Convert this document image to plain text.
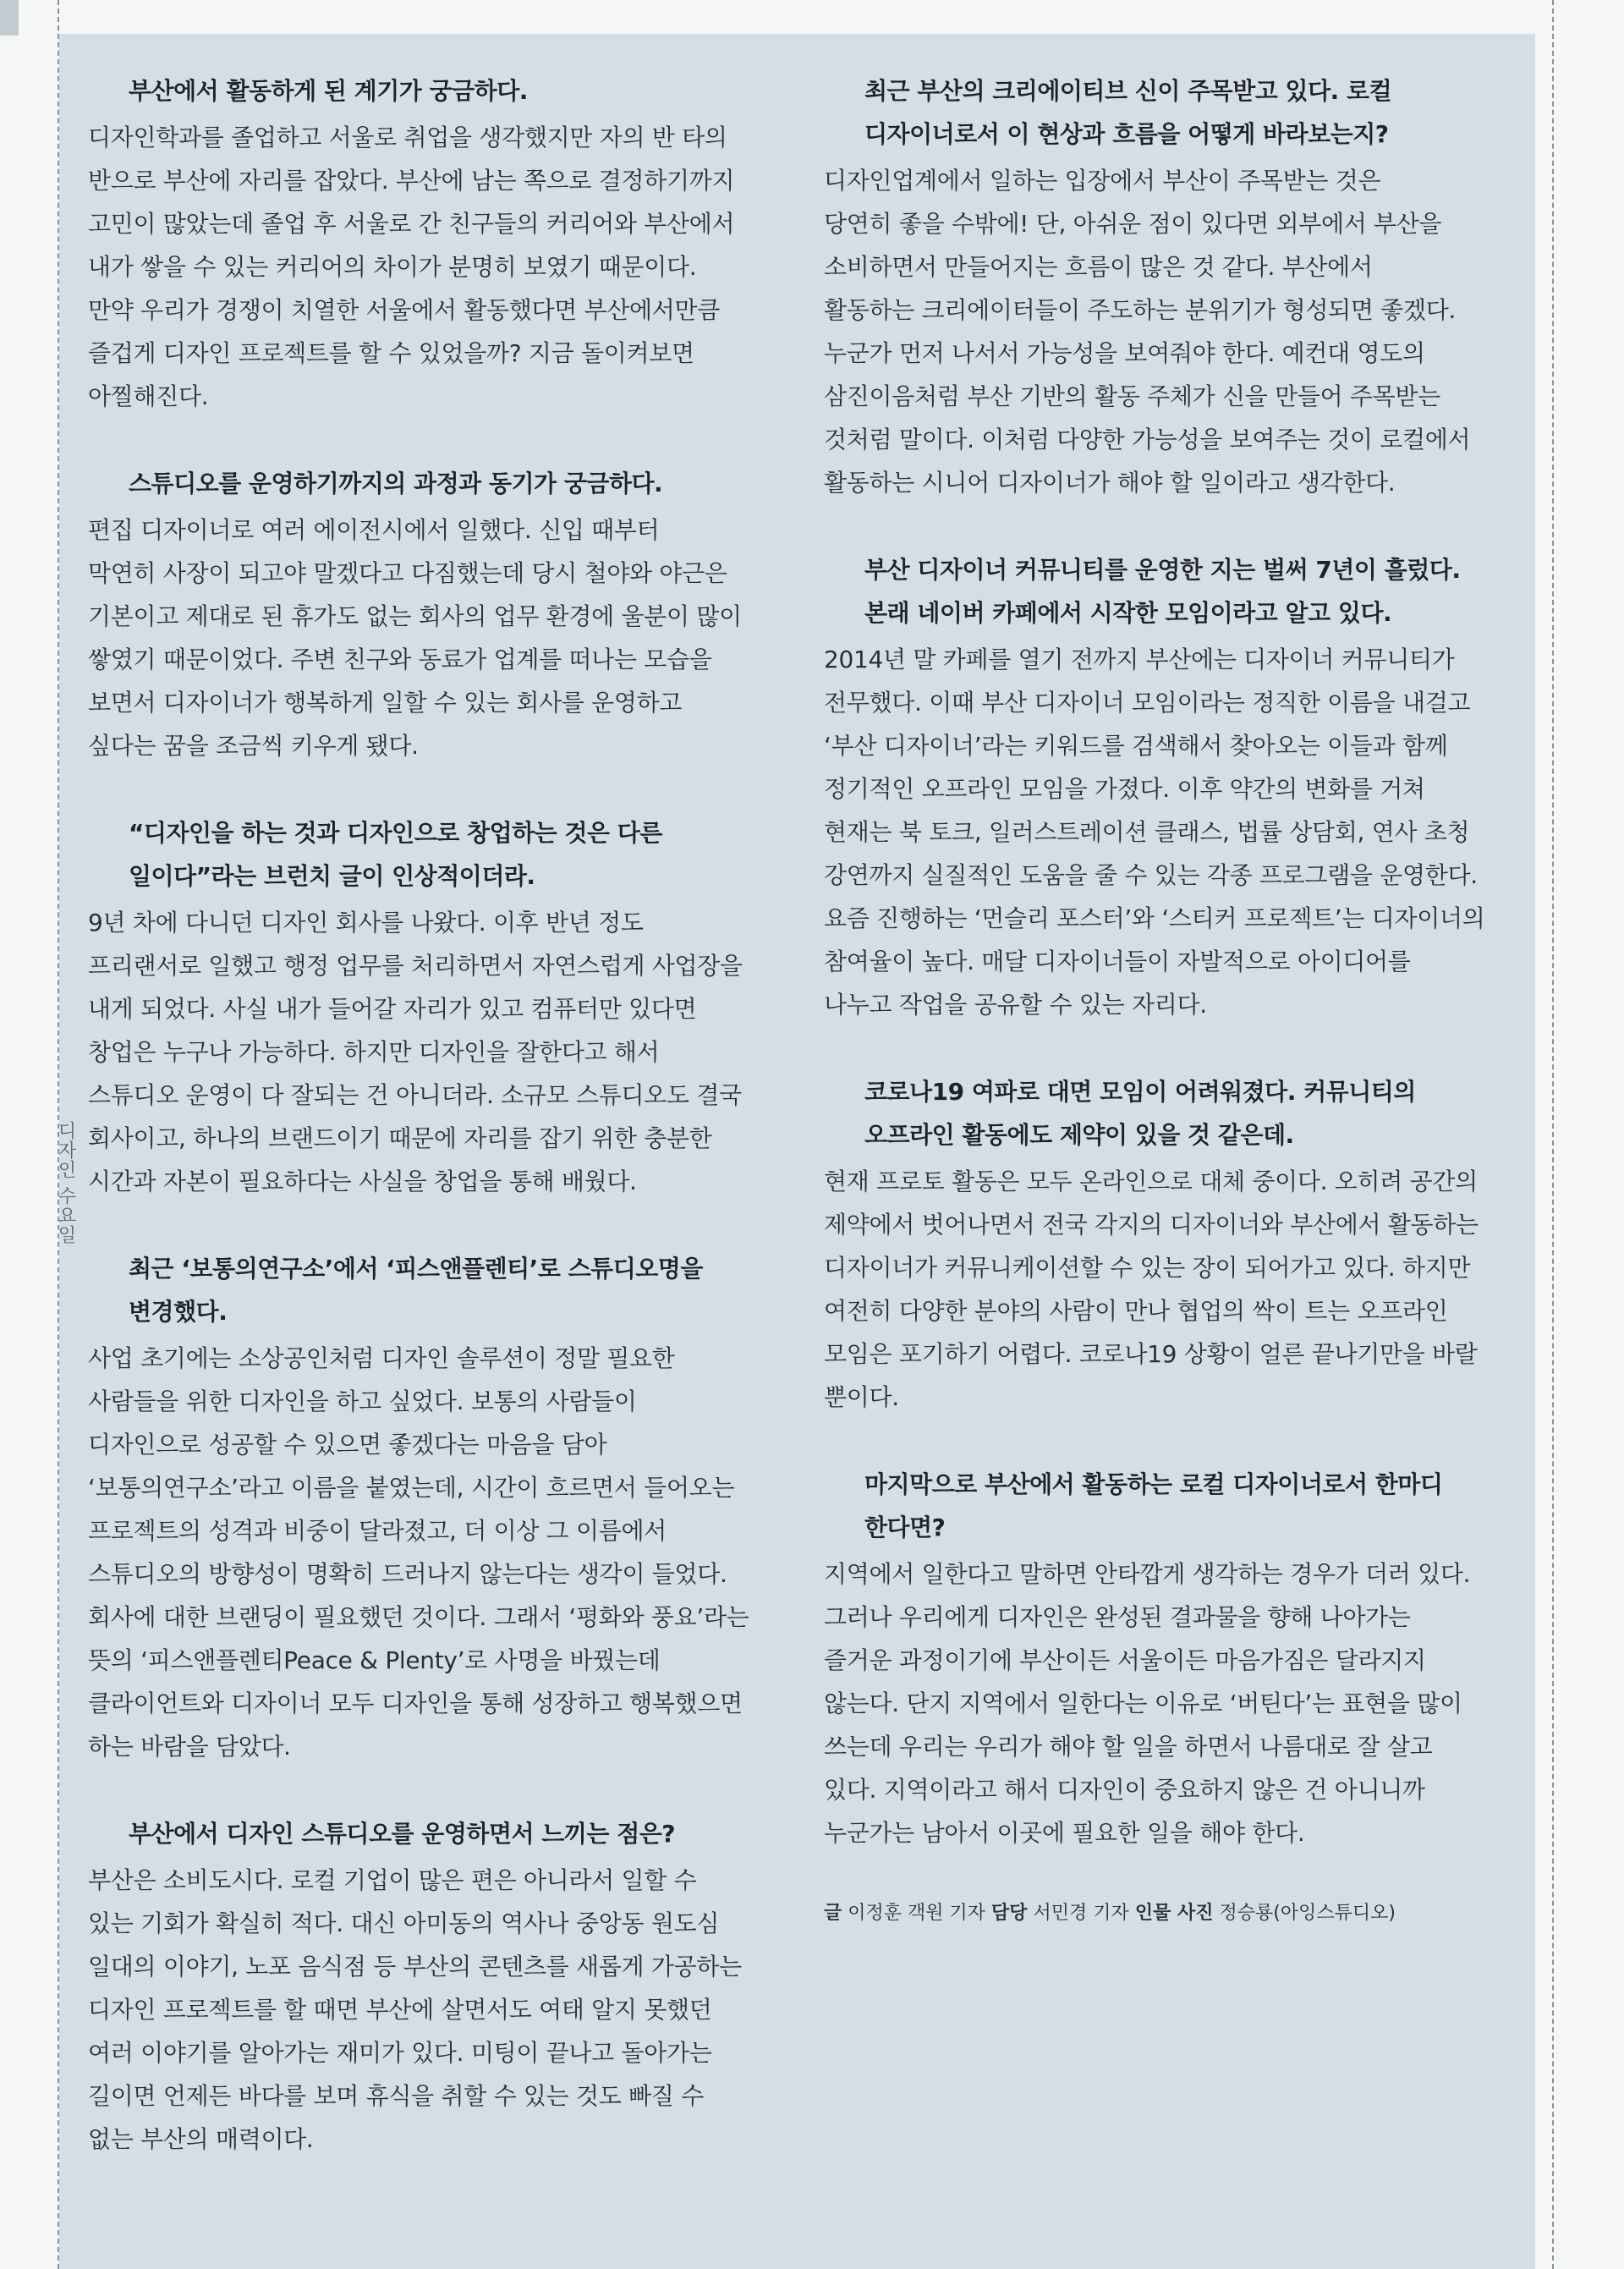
디자인 수요일
부산에서 활동하게 된 계기가 궁금하다.

디자인학과를 졸업하고 서울로 취업을 생각했지만 자의 반 타의
반으로 부산에 자리를 잡았다. 부산에 남는 쪽으로 결정하기까지
고민이 많았는데 졸업 후 서울로 간 친구들의 커리어와 부산에서
내가 쌓을 수 있는 커리어의 차이가 분명히 보였기 때문이다.
만약 우리가 경쟁이 치열한 서울에서 활동했다면 부산에서만큼
즐겁게 디자인 프로젝트를 할 수 있었을까? 지금 돌이켜보면
아찔해진다.

스튜디오를 운영하기까지의 과정과 동기가 궁금하다.

편집 디자이너로 여러 에이전시에서 일했다. 신입 때부터
막연히 사장이 되고야 말겠다고 다짐했는데 당시 철야와 야근은
기본이고 제대로 된 휴가도 없는 회사의 업무 환경에 울분이 많이
쌓였기 때문이었다. 주변 친구와 동료가 업계를 떠나는 모습을
보면서 디자이너가 행복하게 일할 수 있는 회사를 운영하고
싶다는 꿈을 조금씩 키우게 됐다.

“디자인을 하는 것과 디자인으로 창업하는 것은 다른
일이다”라는 브런치 글이 인상적이더라.

9년 차에 다니던 디자인 회사를 나왔다. 이후 반년 정도
프리랜서로 일했고 행정 업무를 처리하면서 자연스럽게 사업장을
내게 되었다. 사실 내가 들어갈 자리가 있고 컴퓨터만 있다면
창업은 누구나 가능하다. 하지만 디자인을 잘한다고 해서
스튜디오 운영이 다 잘되는 건 아니더라. 소규모 스튜디오도 결국
회사이고, 하나의 브랜드이기 때문에 자리를 잡기 위한 충분한
시간과 자본이 필요하다는 사실을 창업을 통해 배웠다.

최근 ‘보통의연구소’에서 ‘피스앤플렌티’로 스튜디오명을
변경했다.

사업 초기에는 소상공인처럼 디자인 솔루션이 정말 필요한
사람들을 위한 디자인을 하고 싶었다. 보통의 사람들이
디자인으로 성공할 수 있으면 좋겠다는 마음을 담아
‘보통의연구소’라고 이름을 붙였는데, 시간이 흐르면서 들어오는
프로젝트의 성격과 비중이 달라졌고, 더 이상 그 이름에서
스튜디오의 방향성이 명확히 드러나지 않는다는 생각이 들었다.
회사에 대한 브랜딩이 필요했던 것이다. 그래서 ‘평화와 풍요’라는
뜻의 ‘피스앤플렌티Peace & Plenty’로 사명을 바꿨는데
클라이언트와 디자이너 모두 디자인을 통해 성장하고 행복했으면
하는 바람을 담았다.

부산에서 디자인 스튜디오를 운영하면서 느끼는 점은?

부산은 소비도시다. 로컬 기업이 많은 편은 아니라서 일할 수
있는 기회가 확실히 적다. 대신 아미동의 역사나 중앙동 원도심
일대의 이야기, 노포 음식점 등 부산의 콘텐츠를 새롭게 가공하는
디자인 프로젝트를 할 때면 부산에 살면서도 여태 알지 못했던
여러 이야기를 알아가는 재미가 있다. 미팅이 끝나고 돌아가는
길이면 언제든 바다를 보며 휴식을 취할 수 있는 것도 빠질 수
없는 부산의 매력이다.

최근 부산의 크리에이티브 신이 주목받고 있다. 로컬
디자이너로서 이 현상과 흐름을 어떻게 바라보는지?

디자인업계에서 일하는 입장에서 부산이 주목받는 것은
당연히 좋을 수밖에! 단, 아쉬운 점이 있다면 외부에서 부산을
소비하면서 만들어지는 흐름이 많은 것 같다. 부산에서
활동하는 크리에이터들이 주도하는 분위기가 형성되면 좋겠다.
누군가 먼저 나서서 가능성을 보여줘야 한다. 예컨대 영도의
삼진이음처럼 부산 기반의 활동 주체가 신을 만들어 주목받는
것처럼 말이다. 이처럼 다양한 가능성을 보여주는 것이 로컬에서
활동하는 시니어 디자이너가 해야 할 일이라고 생각한다.

부산 디자이너 커뮤니티를 운영한 지는 벌써 7년이 흘렀다.
본래 네이버 카페에서 시작한 모임이라고 알고 있다.

2014년 말 카페를 열기 전까지 부산에는 디자이너 커뮤니티가
전무했다. 이때 부산 디자이너 모임이라는 정직한 이름을 내걸고
‘부산 디자이너’라는 키워드를 검색해서 찾아오는 이들과 함께
정기적인 오프라인 모임을 가졌다. 이후 약간의 변화를 거쳐
현재는 북 토크, 일러스트레이션 클래스, 법률 상담회, 연사 초청
강연까지 실질적인 도움을 줄 수 있는 각종 프로그램을 운영한다.
요즘 진행하는 ‘먼슬리 포스터’와 ‘스티커 프로젝트’는 디자이너의
참여율이 높다. 매달 디자이너들이 자발적으로 아이디어를
나누고 작업을 공유할 수 있는 자리다.

코로나19 여파로 대면 모임이 어려워졌다. 커뮤니티의
오프라인 활동에도 제약이 있을 것 같은데.

현재 프로토 활동은 모두 온라인으로 대체 중이다. 오히려 공간의
제약에서 벗어나면서 전국 각지의 디자이너와 부산에서 활동하는
디자이너가 커뮤니케이션할 수 있는 장이 되어가고 있다. 하지만
여전히 다양한 분야의 사람이 만나 협업의 싹이 트는 오프라인
모임은 포기하기 어렵다. 코로나19 상황이 얼른 끝나기만을 바랄
뿐이다.

마지막으로 부산에서 활동하는 로컬 디자이너로서 한마디
한다면?

지역에서 일한다고 말하면 안타깝게 생각하는 경우가 더러 있다.
그러나 우리에게 디자인은 완성된 결과물을 향해 나아가는
즐거운 과정이기에 부산이든 서울이든 마음가짐은 달라지지
않는다. 단지 지역에서 일한다는 이유로 ‘버틴다’는 표현을 많이
쓰는데 우리는 우리가 해야 할 일을 하면서 나름대로 잘 살고
있다. 지역이라고 해서 디자인이 중요하지 않은 건 아니니까
누군가는 남아서 이곳에 필요한 일을 해야 한다.

글 이정훈 객원 기자 담당 서민경 기자 인물 사진 정승룡(아잉스튜디오)
